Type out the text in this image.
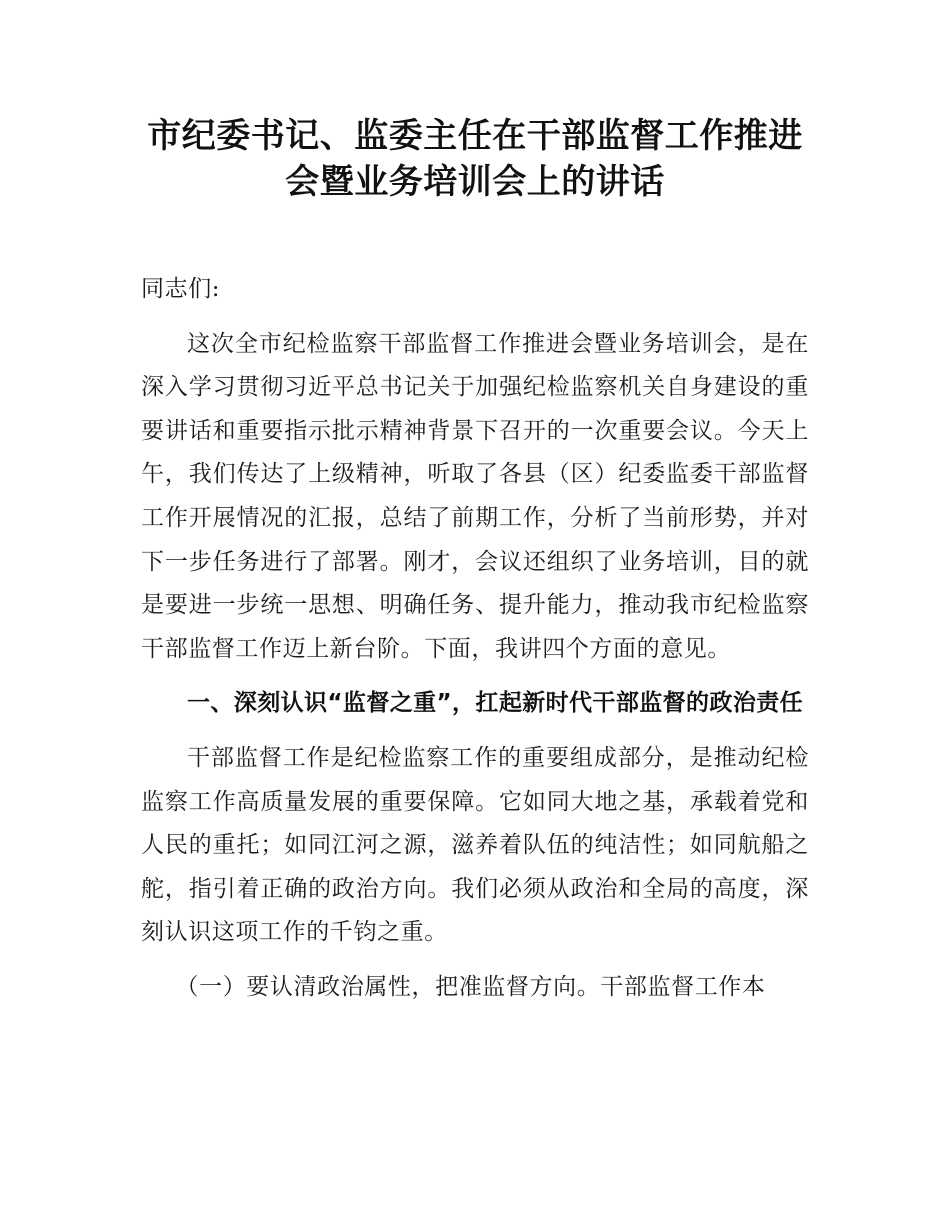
市纪委书记、监委主任在干部监督工作推进
会暨业务培训会上的讲话

同志们:

这次全市纪检监察干部监督工作推进会暨业务培训会，是在深入学习贯彻习近平总书记关于加强纪检监察机关自身建设的重要讲话和重要指示批示精神背景下召开的一次重要会议。今天上午，我们传达了上级精神，听取了各县（区）纪委监委干部监督工作开展情况的汇报，总结了前期工作，分析了当前形势，并对下一步任务进行了部署。刚才，会议还组织了业务培训，目的就是要进一步统一思想、明确任务、提升能力，推动我市纪检监察干部监督工作迈上新台阶。下面，我讲四个方面的意见。

一、深刻认识“监督之重”，扛起新时代干部监督的政治责任

干部监督工作是纪检监察工作的重要组成部分，是推动纪检监察工作高质量发展的重要保障。它如同大地之基，承载着党和人民的重托；如同江河之源，滋养着队伍的纯洁性；如同航船之舵，指引着正确的政治方向。我们必须从政治和全局的高度，深刻认识这项工作的千钧之重。

（一）要认清政治属性，把准监督方向。干部监督工作本
